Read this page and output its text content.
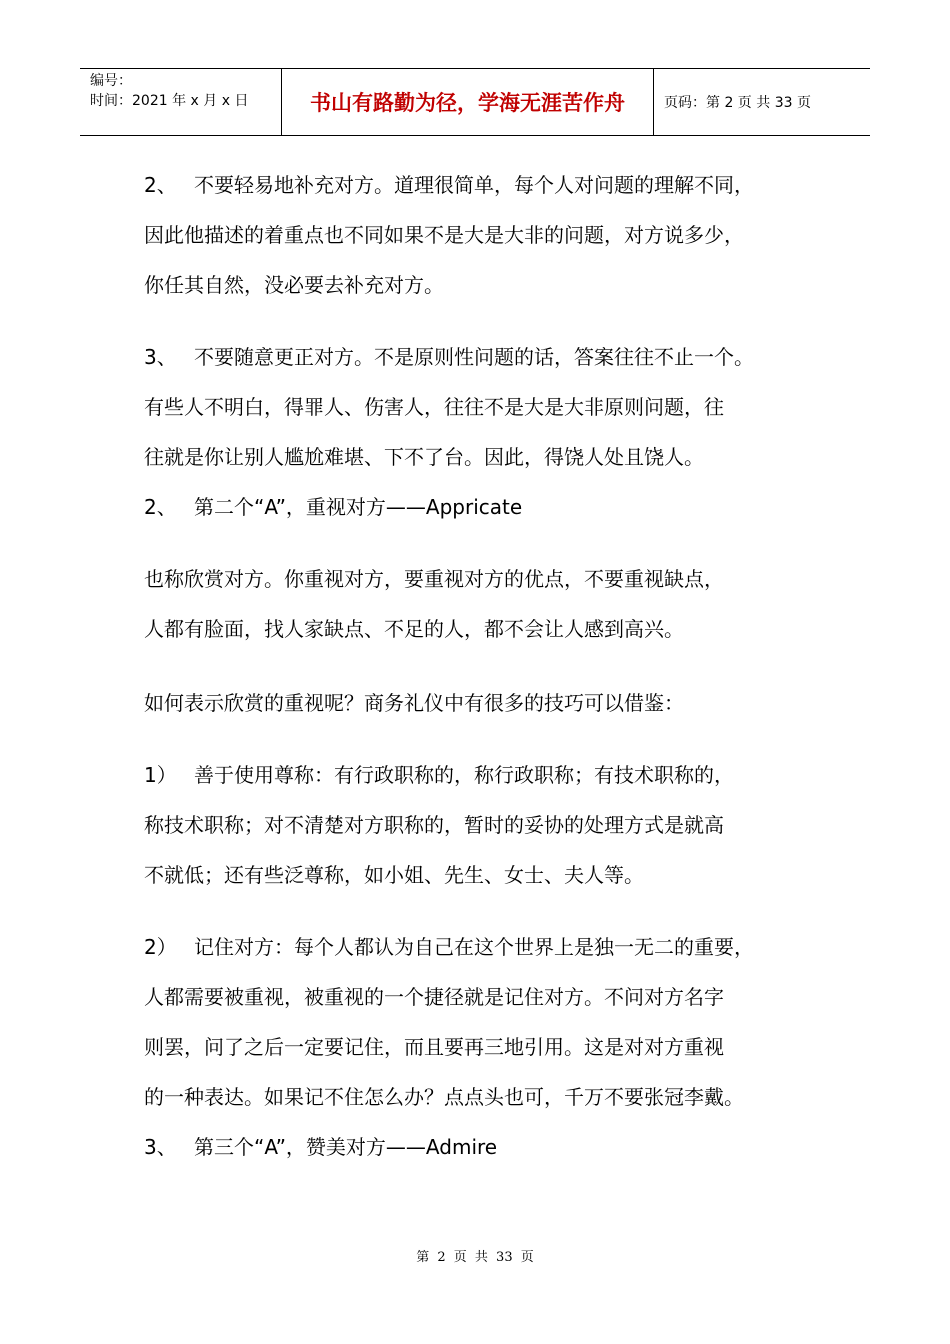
编号：
时间：2021 年 x 月 x 日	书山有路勤为径，学海无涯苦作舟	页码：第 2 页 共 33 页

2、 不要轻易地补充对方。道理很简单，每个人对问题的理解不同，

因此他描述的着重点也不同如果不是大是大非的问题，对方说多少，

你任其自然，没必要去补充对方。

3、 不要随意更正对方。不是原则性问题的话，答案往往不止一个。

有些人不明白，得罪人、伤害人，往往不是大是大非原则问题，往

往就是你让别人尴尬难堪、下不了台。因此，得饶人处且饶人。

2、 第二个“A”，重视对方——Appricate

也称欣赏对方。你重视对方，要重视对方的优点，不要重视缺点，

人都有脸面，找人家缺点、不足的人，都不会让人感到高兴。

如何表示欣赏的重视呢？商务礼仪中有很多的技巧可以借鉴：

1） 善于使用尊称：有行政职称的，称行政职称；有技术职称的，

称技术职称；对不清楚对方职称的，暂时的妥协的处理方式是就高

不就低；还有些泛尊称，如小姐、先生、女士、夫人等。

2） 记住对方：每个人都认为自己在这个世界上是独一无二的重要，

人都需要被重视，被重视的一个捷径就是记住对方。不问对方名字

则罢，问了之后一定要记住，而且要再三地引用。这是对对方重视

的一种表达。如果记不住怎么办？点点头也可，千万不要张冠李戴。

3、 第三个“A”，赞美对方——Admire

第 2 页 共 33 页
